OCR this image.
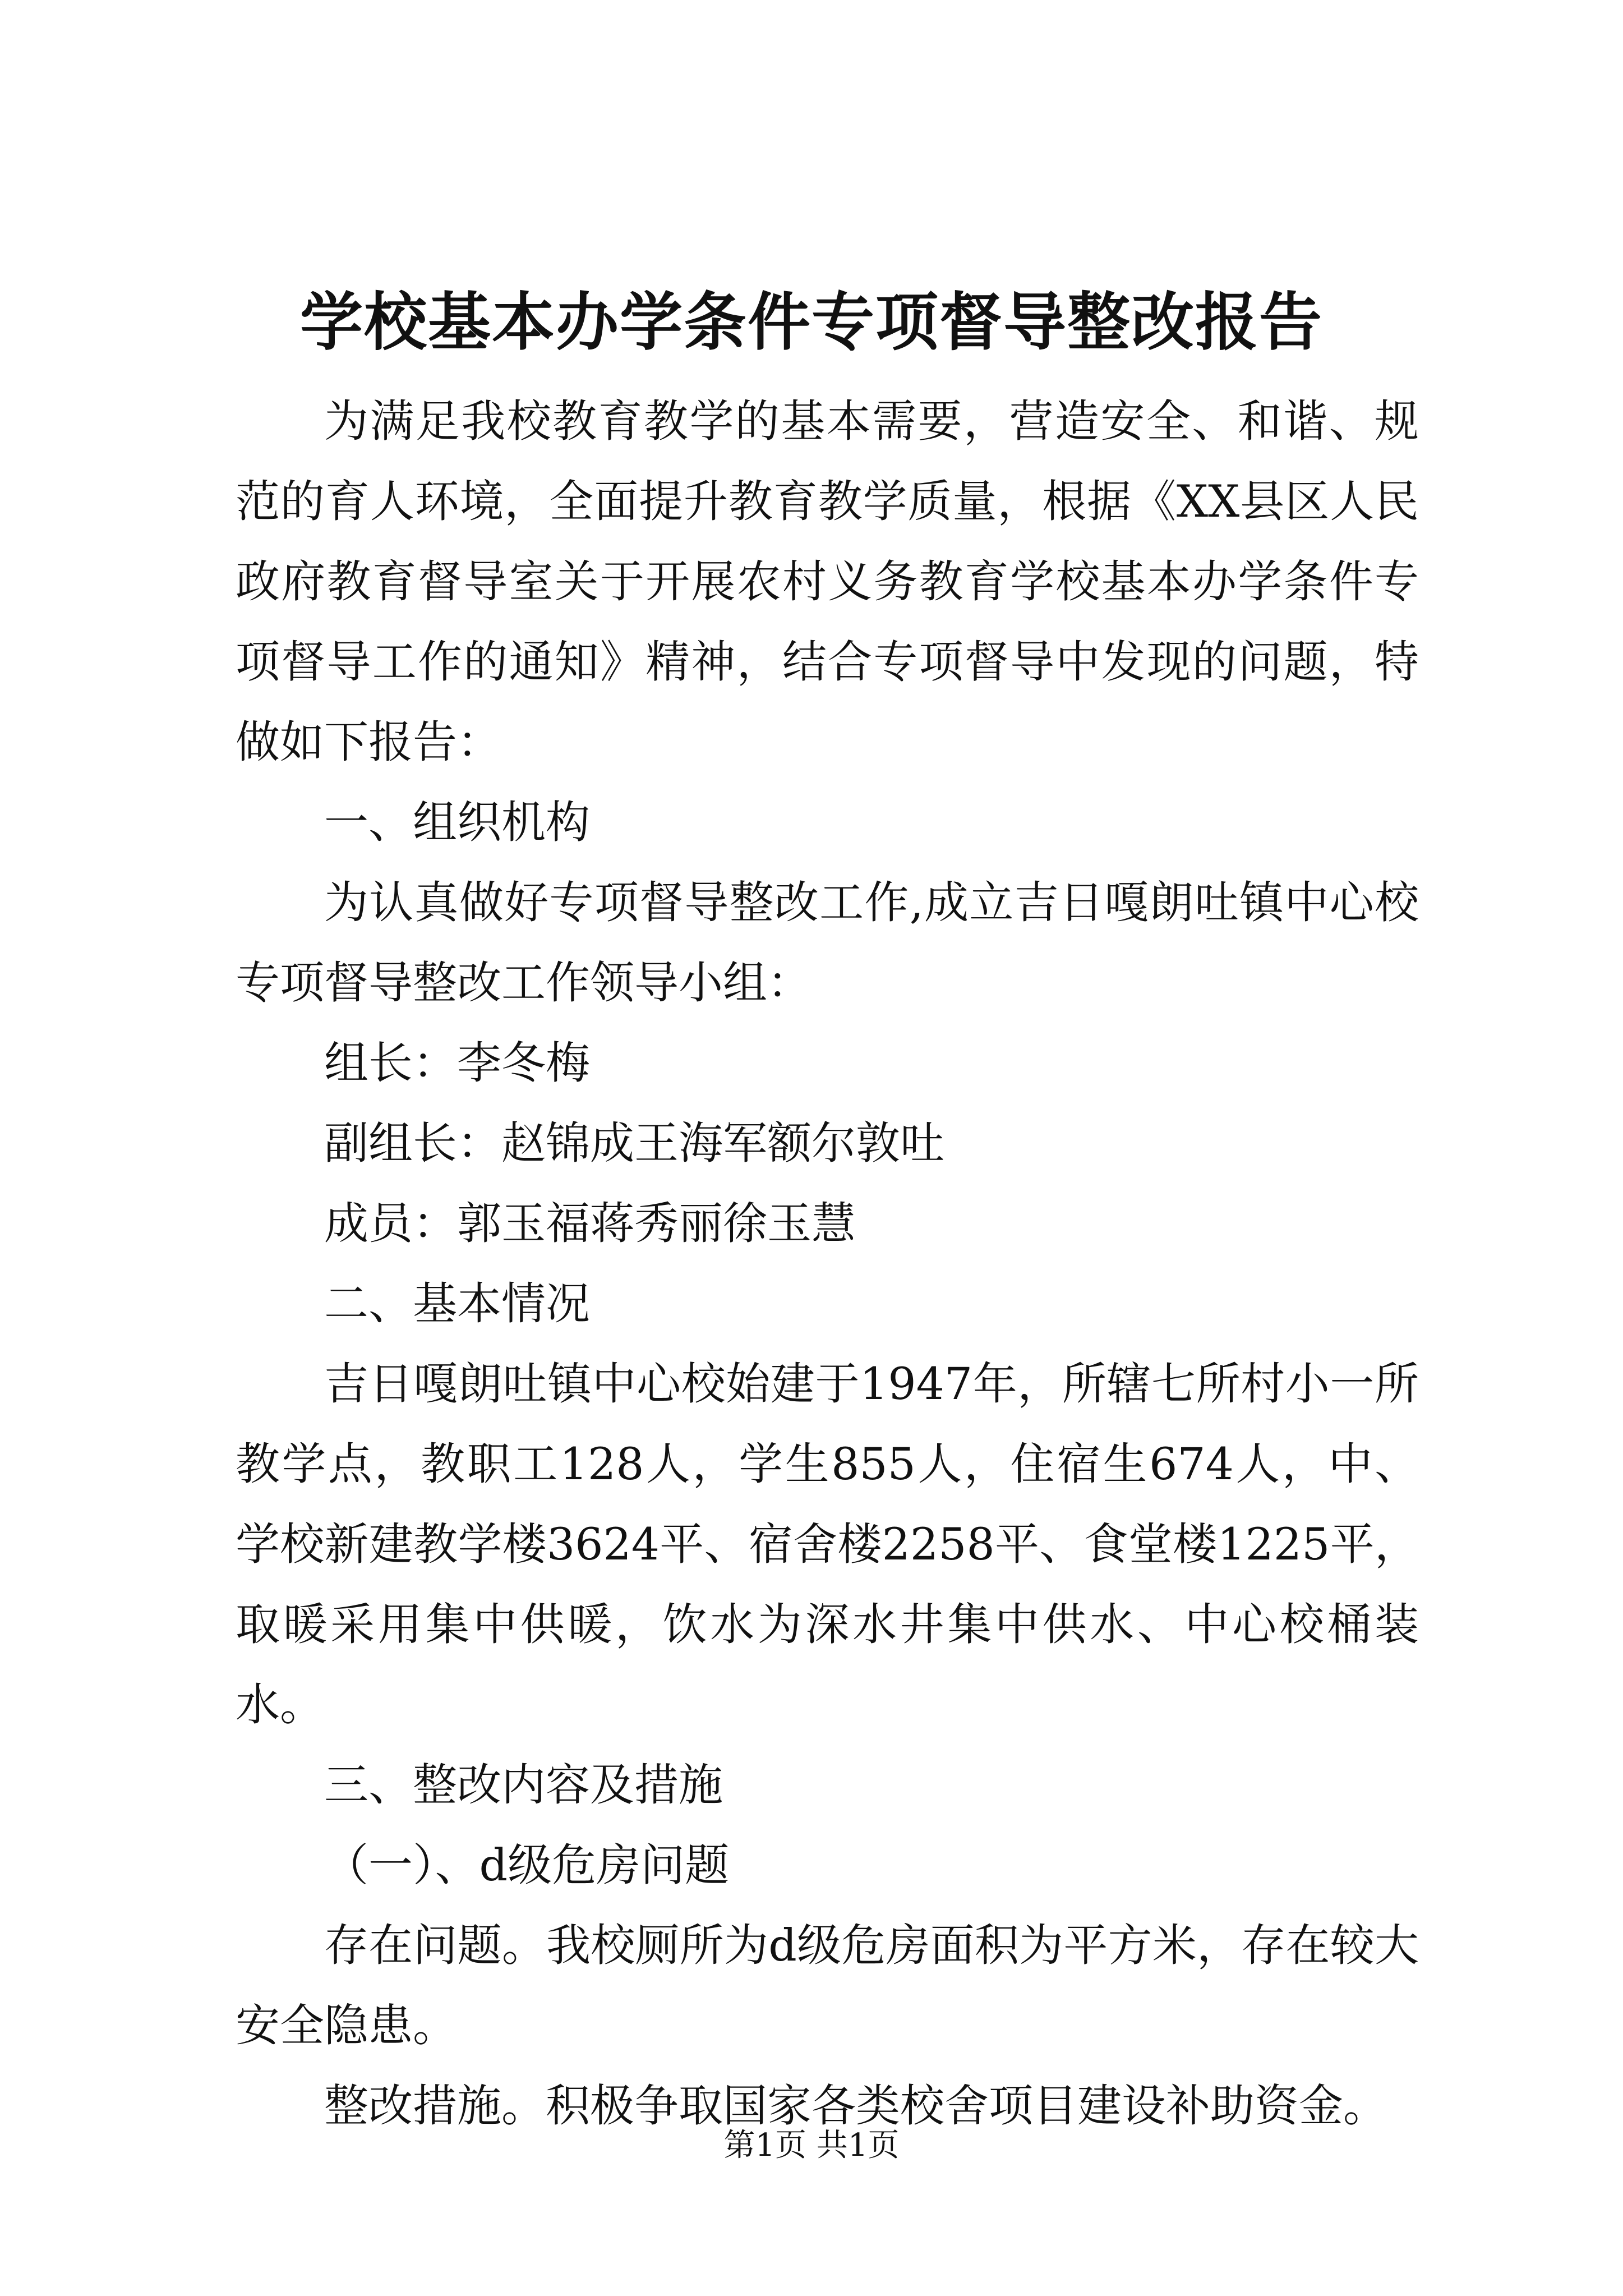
学校基本办学条件专项督导整改报告

为满足我校教育教学的基本需要，营造安全、和谐、规范的育人环境，全面提升教育教学质量，根据《XX县区人民政府教育督导室关于开展农村义务教育学校基本办学条件专项督导工作的通知》精神，结合专项督导中发现的问题，特做如下报告：

一、组织机构

为认真做好专项督导整改工作,成立吉日嘎朗吐镇中心校专项督导整改工作领导小组：

组长：李冬梅

副组长：赵锦成王海军额尔敦吐

成员：郭玉福蒋秀丽徐玉慧

二、基本情况

吉日嘎朗吐镇中心校始建于1947年，所辖七所村小一所教学点，教职工128人，学生855人，住宿生674人，中、学校新建教学楼3624平、宿舍楼2258平、食堂楼1225平，取暖采用集中供暖，饮水为深水井集中供水、中心校桶装水。

三、整改内容及措施

（一）、d级危房问题

存在问题。我校厕所为d级危房面积为平方米，存在较大安全隐患。

整改措施。积极争取国家各类校舍项目建设补助资金。

第1页 共1页
